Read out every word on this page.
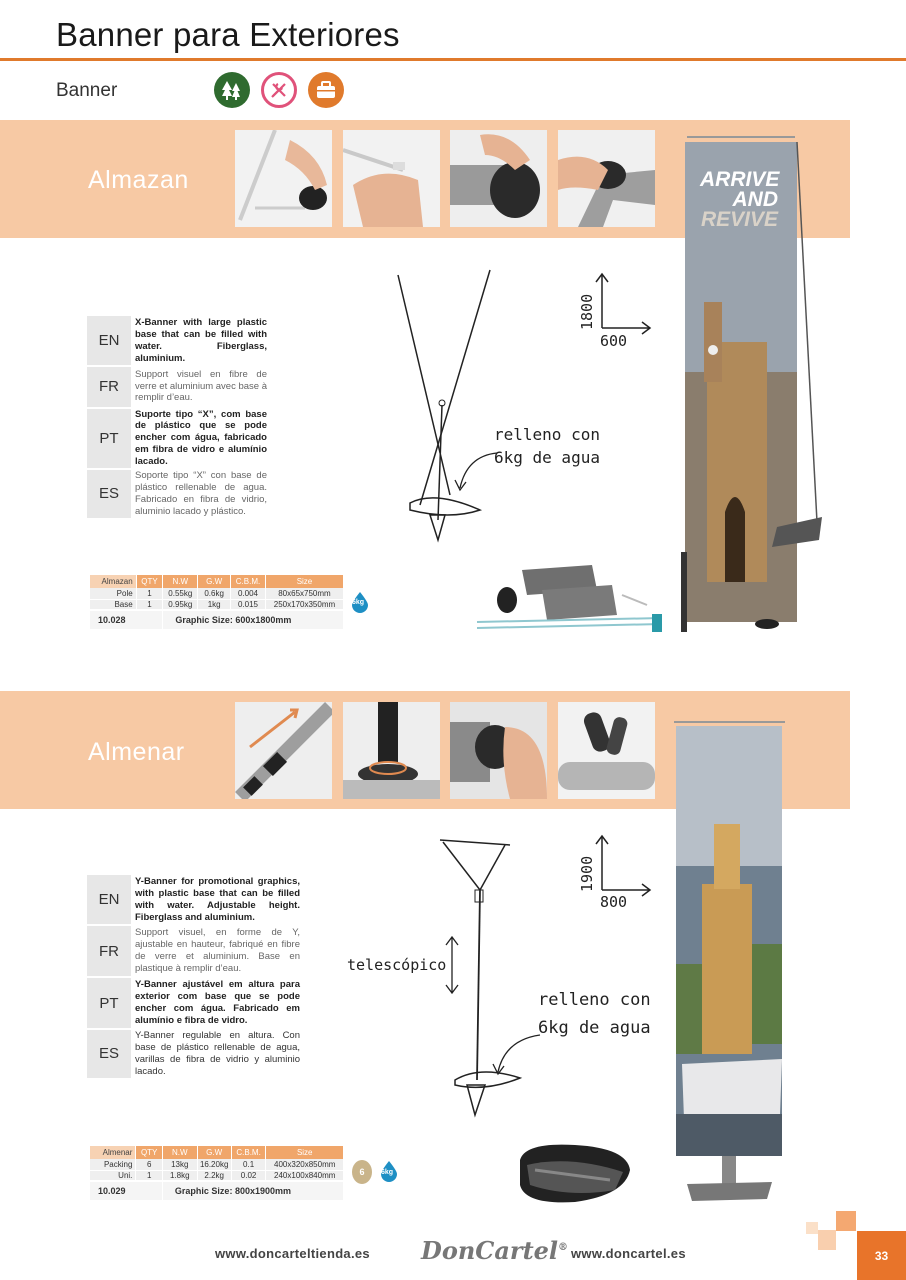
Banner para Exteriores
Banner
Almazan	ARRIVE
AND
REVIVE
1800
600
relleno con
6kg de agua
EN	X-Banner with large plastic base that can be filled with water. Fiberglass, aluminium.
FR	Support visuel en fibre de verre et aluminium avec base à remplir d’eau.
PT	Suporte tipo “X”, com base de plástico que se pode encher com água, fabricado em fibra de vidro e alumínio lacado.
ES	Soporte tipo “X” con base de plástico rellenable de agua. Fabricado en fibra de vidrio, aluminio lacado y plástico.
Almazan	QTY	N.W	G.W	C.B.M.	Size
Pole	1	0.55kg	0.6kg	0.004	80x65x750mm
Base	1	0.95kg	1kg	0.015	250x170x350mm
10.028		Graphic Size: 600x1800mm			
6kg
Almenar
1900
800
telescópico
relleno con
6kg de agua
EN	Y-Banner for promotional graphics, with plastic base that can be filled with water. Adjustable height. Fiberglass and aluminium.
FR	Support visuel, en forme de Y, ajustable en hauteur, fabriqué en fibre de verre et aluminium. Base en plastique à remplir d’eau.
PT	Y-Banner ajustável em altura para exterior com base que se pode encher com água. Fabricado em alumínio e fibra de vidro.
ES	Y-Banner regulable en altura. Con base de plástico rellenable de agua, varillas de fibra de vidrio y aluminio lacado.
Almenar	QTY	N.W	G.W	C.B.M.	Size
Packing	6	13kg	16.20kg	0.1	400x320x850mm
Uni.	1	1.8kg	2.2kg	0.02	240x100x840mm
10.029		Graphic Size: 800x1900mm			
6	6kg
www.doncarteltienda.es DonCartel® www.doncartel.es	33
